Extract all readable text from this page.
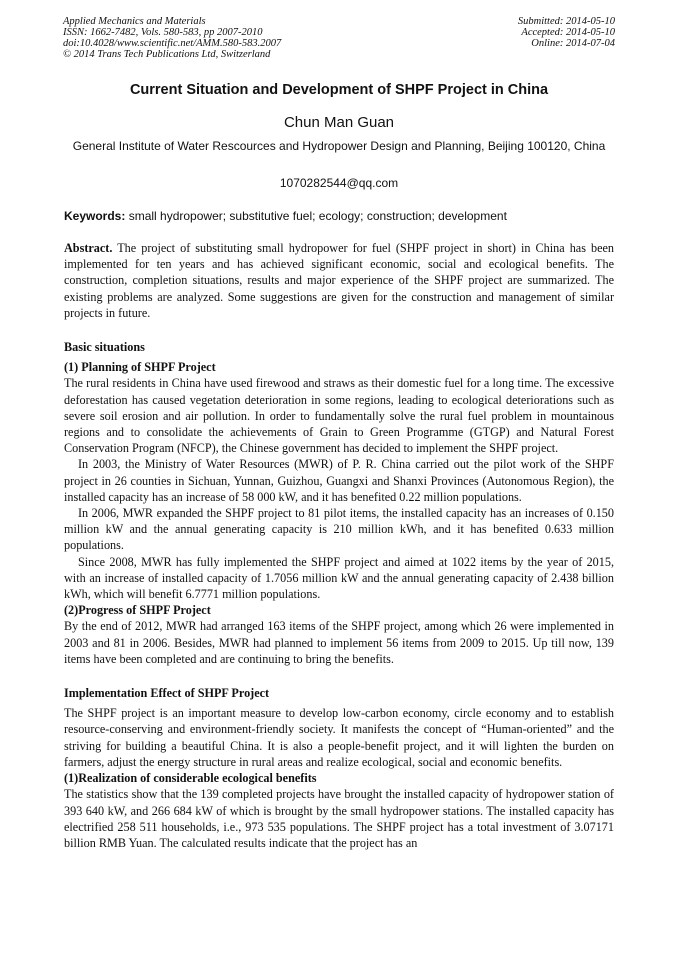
Applied Mechanics and Materials
ISSN: 1662-7482, Vols. 580-583, pp 2007-2010
doi:10.4028/www.scientific.net/AMM.580-583.2007
© 2014 Trans Tech Publications Ltd, Switzerland
Submitted: 2014-05-10
Accepted: 2014-05-10
Online: 2014-07-04
Current Situation and Development of SHPF Project in China
Chun Man Guan
General Institute of Water Rescources and Hydropower Design and Planning, Beijing 100120, China
1070282544@qq.com
Keywords: small hydropower; substitutive fuel; ecology; construction; development

Abstract. The project of substituting small hydropower for fuel (SHPF project in short) in China has been implemented for ten years and has achieved significant economic, social and ecological benefits. The construction, completion situations, results and major experience of the SHPF project are summarized. The existing problems are analyzed. Some suggestions are given for the construction and management of similar projects in future.

Basic situations

(1) Planning of SHPF Project

The rural residents in China have used firewood and straws as their domestic fuel for a long time. The excessive deforestation has caused vegetation deterioration in some regions, leading to ecological deteriorations such as severe soil erosion and air pollution. In order to fundamentally solve the rural fuel problem in mountainous regions and to consolidate the achievements of Grain to Green Programme (GTGP) and Natural Forest Conservation Program (NFCP), the Chinese government has decided to implement the SHPF project.

In 2003, the Ministry of Water Resources (MWR) of P. R. China carried out the pilot work of the SHPF project in 26 counties in Sichuan, Yunnan, Guizhou, Guangxi and Shanxi Provinces (Autonomous Region), the installed capacity has an increase of 58 000 kW, and it has benefited 0.22 million populations.

In 2006, MWR expanded the SHPF project to 81 pilot items, the installed capacity has an increases of 0.150 million kW and the annual generating capacity is 210 million kWh, and it has benefited 0.633 million populations.

Since 2008, MWR has fully implemented the SHPF project and aimed at 1022 items by the year of 2015, with an increase of installed capacity of 1.7056 million kW and the annual generating capacity of 2.438 billion kWh, which will benefit 6.7771 million populations.

(2)Progress of SHPF Project

By the end of 2012, MWR had arranged 163 items of the SHPF project, among which 26 were implemented in 2003 and 81 in 2006. Besides, MWR had planned to implement 56 items from 2009 to 2015. Up till now, 139 items have been completed and are continuing to bring the benefits.

Implementation Effect of SHPF Project

The SHPF project is an important measure to develop low-carbon economy, circle economy and to establish resource-conserving and environment-friendly society. It manifests the concept of “Human-oriented” and the striving for building a beautiful China. It is also a people-benefit project, and it will lighten the burden on farmers, adjust the energy structure in rural areas and realize ecological, social and economic benefits.

(1)Realization of considerable ecological benefits

The statistics show that the 139 completed projects have brought the installed capacity of hydropower station of 393 640 kW, and 266 684 kW of which is brought by the small hydropower stations. The installed capacity has electrified 258 511 households, i.e., 973 535 populations. The SHPF project has a total investment of 3.07171 billion RMB Yuan. The calculated results indicate that the project has an
